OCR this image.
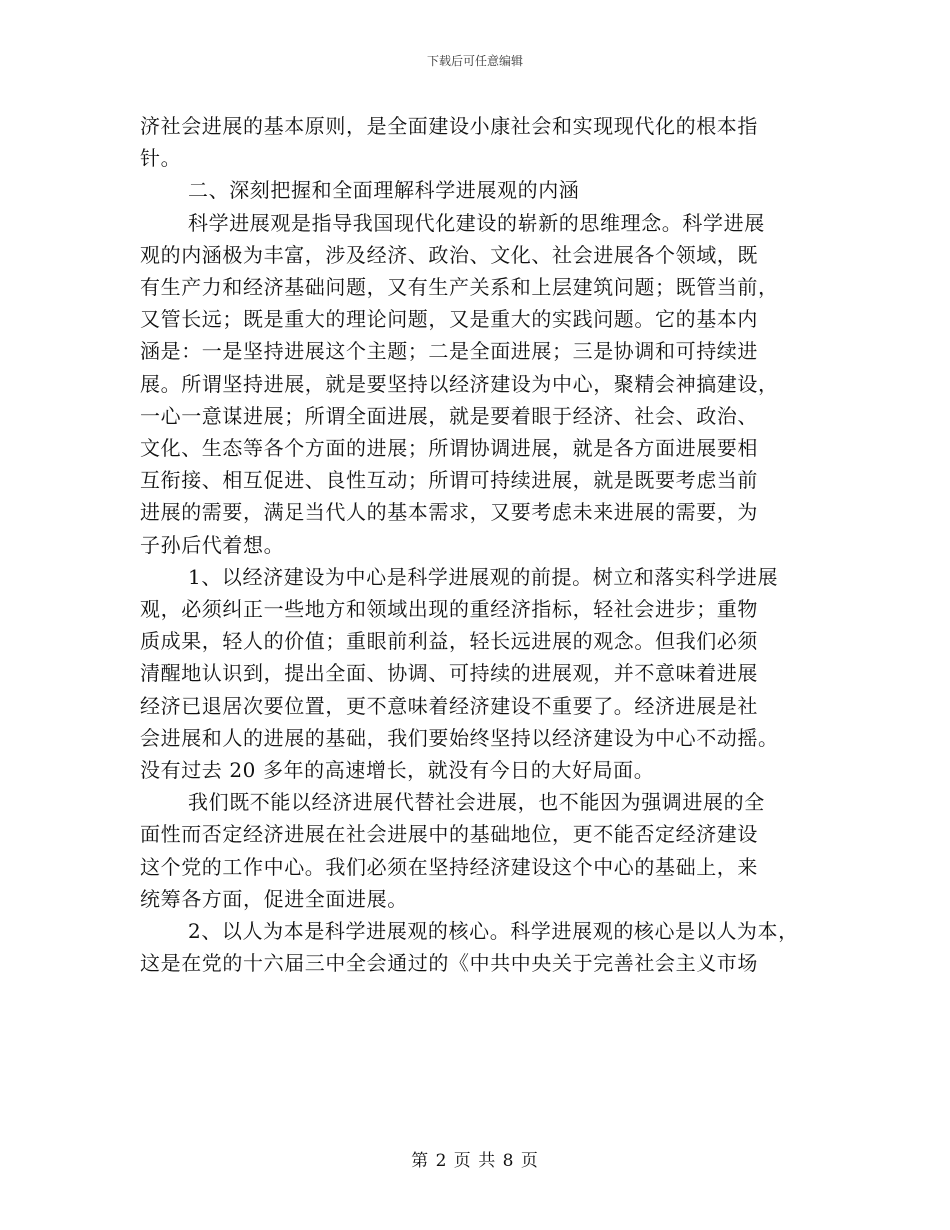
下载后可任意编辑
济社会进展的基本原则，是全面建设小康社会和实现现代化的根本指
针。
二、深刻把握和全面理解科学进展观的内涵
科学进展观是指导我国现代化建设的崭新的思维理念。科学进展
观的内涵极为丰富，涉及经济、政治、文化、社会进展各个领域，既
有生产力和经济基础问题，又有生产关系和上层建筑问题；既管当前，
又管长远；既是重大的理论问题，又是重大的实践问题。它的基本内
涵是：一是坚持进展这个主题；二是全面进展；三是协调和可持续进
展。所谓坚持进展，就是要坚持以经济建设为中心，聚精会神搞建设，
一心一意谋进展；所谓全面进展，就是要着眼于经济、社会、政治、
文化、生态等各个方面的进展；所谓协调进展，就是各方面进展要相
互衔接、相互促进、良性互动；所谓可持续进展，就是既要考虑当前
进展的需要，满足当代人的基本需求，又要考虑未来进展的需要，为
子孙后代着想。
1、以经济建设为中心是科学进展观的前提。树立和落实科学进展
观，必须纠正一些地方和领域出现的重经济指标，轻社会进步；重物
质成果，轻人的价值；重眼前利益，轻长远进展的观念。但我们必须
清醒地认识到，提出全面、协调、可持续的进展观，并不意味着进展
经济已退居次要位置，更不意味着经济建设不重要了。经济进展是社
会进展和人的进展的基础，我们要始终坚持以经济建设为中心不动摇。
没有过去 20 多年的高速增长，就没有今日的大好局面。
我们既不能以经济进展代替社会进展，也不能因为强调进展的全
面性而否定经济进展在社会进展中的基础地位，更不能否定经济建设
这个党的工作中心。我们必须在坚持经济建设这个中心的基础上，来
统筹各方面，促进全面进展。
2、以人为本是科学进展观的核心。科学进展观的核心是以人为本，
这是在党的十六届三中全会通过的《中共中央关于完善社会主义市场
第 2 页 共 8 页
